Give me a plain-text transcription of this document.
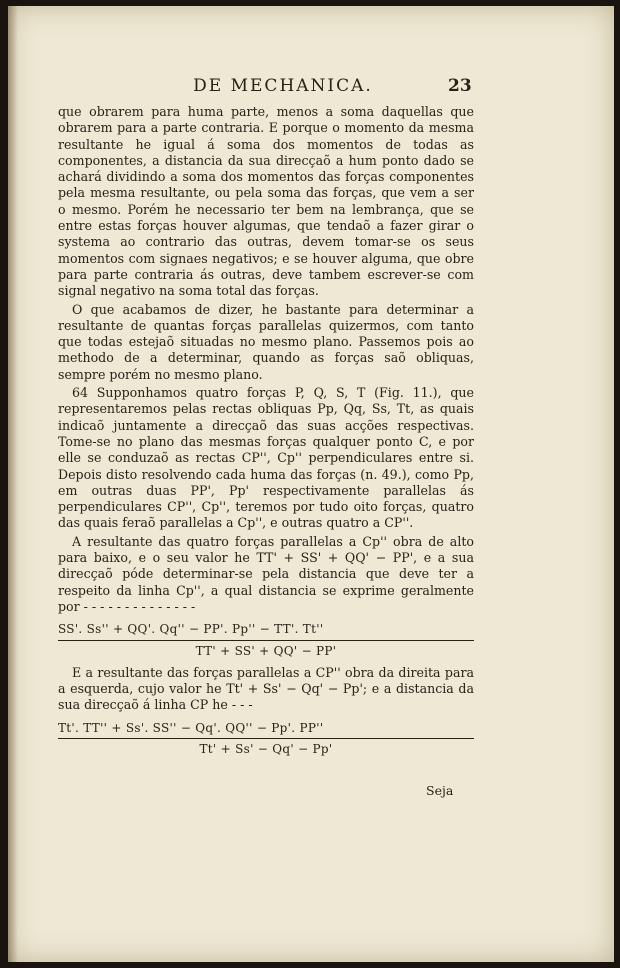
DE MECHANICA.	23

que obrarem para huma parte, menos a soma daquellas que obrarem para a parte contraria. E porque o momento da mesma resultante he igual á soma dos momentos de todas as componentes, a distancia da sua direcçaõ a hum ponto dado se achará dividindo a soma dos momentos das forças componentes pela mesma resultante, ou pela soma das forças, que vem a ser o mesmo. Porém he necessario ter bem na lembrança, que se entre estas forças houver algumas, que tendaõ a fazer girar o systema ao contrario das outras, devem tomar-se os seus momentos com signaes negativos; e se houver alguma, que obre para parte contraria ás outras, deve tambem escrever-se com signal negativo na soma total das forças.

O que acabamos de dizer, he bastante para determinar a resultante de quantas forças parallelas quizermos, com tanto que todas estejaõ situadas no mesmo plano. Passemos pois ao methodo de a determinar, quando as forças saõ obliquas, sempre porém no mesmo plano.

64 Supponhamos quatro forças P, Q, S, T (Fig. 11.), que representaremos pelas rectas obliquas Pp, Qq, Ss, Tt, as quais indicaõ juntamente a direcçaõ das suas acções respectivas. Tome-se no plano das mesmas forças qualquer ponto C, e por elle se conduzaõ as rectas CP'', Cp'' perpendiculares entre si. Depois disto resolvendo cada huma das forças (n. 49.), como Pp, em outras duas PP', Pp' respectivamente parallelas ás perpendiculares CP'', Cp'', teremos por tudo oito forças, quatro das quais feraõ parallelas a Cp'', e outras quatro a CP''.

A resultante das quatro forças parallelas a Cp'' obra de alto para baixo, e o seu valor he TT' + SS' + QQ' − PP', e a sua direcçaõ póde determinar-se pela distancia que deve ter a respeito da linha Cp'', a qual distancia se exprime geralmente por - - - - - - - - - - - - - -

SS'. Ss'' + QQ'. Qq'' − PP'. Pp'' − TT'. Tt''
TT' + SS' + QQ' − PP'

E a resultante das forças parallelas a CP'' obra da direita para a esquerda, cujo valor he Tt' + Ss' − Qq' − Pp'; e a distancia da sua direcçaõ á linha CP he - - -

Tt'. TT'' + Ss'. SS'' − Qq'. QQ'' − Pp'. PP''
Tt' + Ss' − Qq' − Pp'
Seja
